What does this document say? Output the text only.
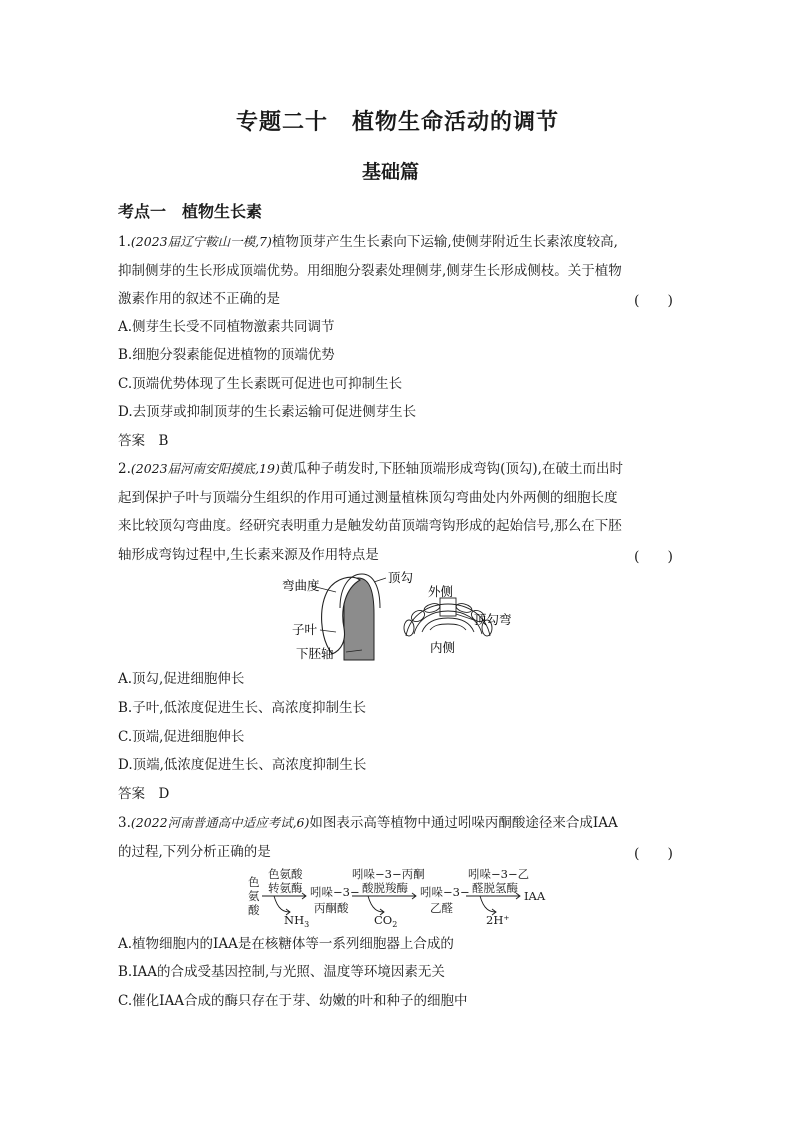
专题二十 植物生命活动的调节
基础篇
考点一　植物生长素
1.(2023届辽宁鞍山一模,7)植物顶芽产生生长素向下运输,使侧芽附近生长素浓度较高,
抑制侧芽的生长形成顶端优势。用细胞分裂素处理侧芽,侧芽生长形成侧枝。关于植物
激素作用的叙述不正确的是	(　　)
A.侧芽生长受不同植物激素共同调节
B.细胞分裂素能促进植物的顶端优势
C.顶端优势体现了生长素既可促进也可抑制生长
D.去顶芽或抑制顶芽的生长素运输可促进侧芽生长
答案　B
2.(2023届河南安阳摸底,19)黄瓜种子萌发时,下胚轴顶端形成弯钩(顶勾),在破土而出时
起到保护子叶与顶端分生组织的作用可通过测量植株顶勾弯曲处内外两侧的细胞长度
来比较顶勾弯曲度。经研究表明重力是触发幼苗顶端弯钩形成的起始信号,那么在下胚
轴形成弯钩过程中,生长素来源及作用特点是	(　　)
弯曲度
顶勾
子叶
下胚轴
外侧
内侧
顶勾弯
A.顶勾,促进细胞伸长
B.子叶,低浓度促进生长、高浓度抑制生长
C.顶端,促进细胞伸长
D.顶端,低浓度促进生长、高浓度抑制生长
答案　D
3.(2022河南普通高中适应考试,6)如图表示高等植物中通过吲哚丙酮酸途径来合成IAA
的过程,下列分析正确的是	(　　)
色
氨
酸
色氨酸
转氨酶
$NH_3$
吲哚−3−
丙酮酸
吲哚−3−丙酮
酸脱羧酶
$CO_2$
吲哚−3−
乙醛
吲哚−3−乙
醛脱氢酶
2H⁺
IAA
A.植物细胞内的IAA是在核糖体等一系列细胞器上合成的
B.IAA的合成受基因控制,与光照、温度等环境因素无关
C.催化IAA合成的酶只存在于芽、幼嫩的叶和种子的细胞中
